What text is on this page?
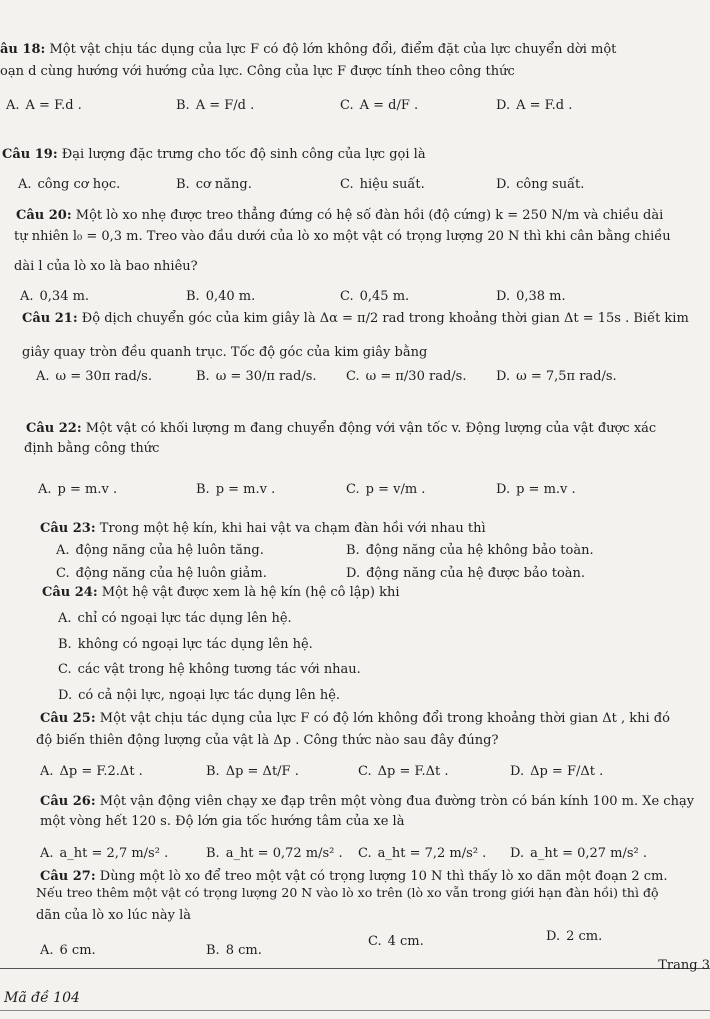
âu 18: Một vật chịu tác dụng của lực F có độ lớn không đổi, điểm đặt của lực chuyển dời một
oạn d cùng hướng với hướng của lực. Công của lực F được tính theo công thức
A. A = F.d .	B. A = F/d .	C. A = d/F .	D. A = F.d .
Câu 19: Đại lượng đặc trưng cho tốc độ sinh công của lực gọi là
A. công cơ học.	B. cơ năng.	C. hiệu suất.	D. công suất.
Câu 20: Một lò xo nhẹ được treo thẳng đứng có hệ số đàn hồi (độ cứng) k = 250 N/m và chiều dài
tự nhiên l₀ = 0,3 m. Treo vào đầu dưới của lò xo một vật có trọng lượng 20 N thì khi cân bằng chiều
dài l của lò xo là bao nhiêu?
A. 0,34 m.	B. 0,40 m.	C. 0,45 m.	D. 0,38 m.
Câu 21: Độ dịch chuyển góc của kim giây là Δα = π/2 rad trong khoảng thời gian Δt = 15s . Biết kim
giây quay tròn đều quanh trục. Tốc độ góc của kim giây bằng
A. ω = 30π rad/s.	B. ω = 30/π rad/s. C. ω = π/30 rad/s. D. ω = 7,5π rad/s.
Câu 22: Một vật có khối lượng m đang chuyển động với vận tốc v. Động lượng của vật được xác
định bằng công thức
A. p = m.v .	B. p = m.v .	C. p = v/m .	D. p = m.v .
Câu 23: Trong một hệ kín, khi hai vật va chạm đàn hồi với nhau thì
A. động năng của hệ luôn tăng.	B. động năng của hệ không bảo toàn.
C. động năng của hệ luôn giảm.	D. động năng của hệ được bảo toàn.
Câu 24: Một hệ vật được xem là hệ kín (hệ cô lập) khi
A. chỉ có ngoại lực tác dụng lên hệ.
B. không có ngoại lực tác dụng lên hệ.
C. các vật trong hệ không tương tác với nhau.
D. có cả nội lực, ngoại lực tác dụng lên hệ.
Câu 25: Một vật chịu tác dụng của lực F có độ lớn không đổi trong khoảng thời gian Δt , khi đó
độ biến thiên động lượng của vật là Δp . Công thức nào sau đây đúng?
A. Δp = F.2.Δt .	B. Δp = Δt/F .	C. Δp = F.Δt .	D. Δp = F/Δt .
Câu 26: Một vận động viên chạy xe đạp trên một vòng đua đường tròn có bán kính 100 m. Xe chạy
một vòng hết 120 s. Độ lớn gia tốc hướng tâm của xe là
A. a_ht = 2,7 m/s² .	B. a_ht = 0,72 m/s² . C. a_ht = 7,2 m/s² . D. a_ht = 0,27 m/s² .
Câu 27: Dùng một lò xo để treo một vật có trọng lượng 10 N thì thấy lò xo dãn một đoạn 2 cm.
Nếu treo thêm một vật có trọng lượng 20 N vào lò xo trên (lò xo vẫn trong giới hạn đàn hồi) thì độ
dãn của lò xo lúc này là
A. 6 cm.	B. 8 cm.
C. 4 cm.	D. 2 cm.
Trang 3
Mã đề 104
